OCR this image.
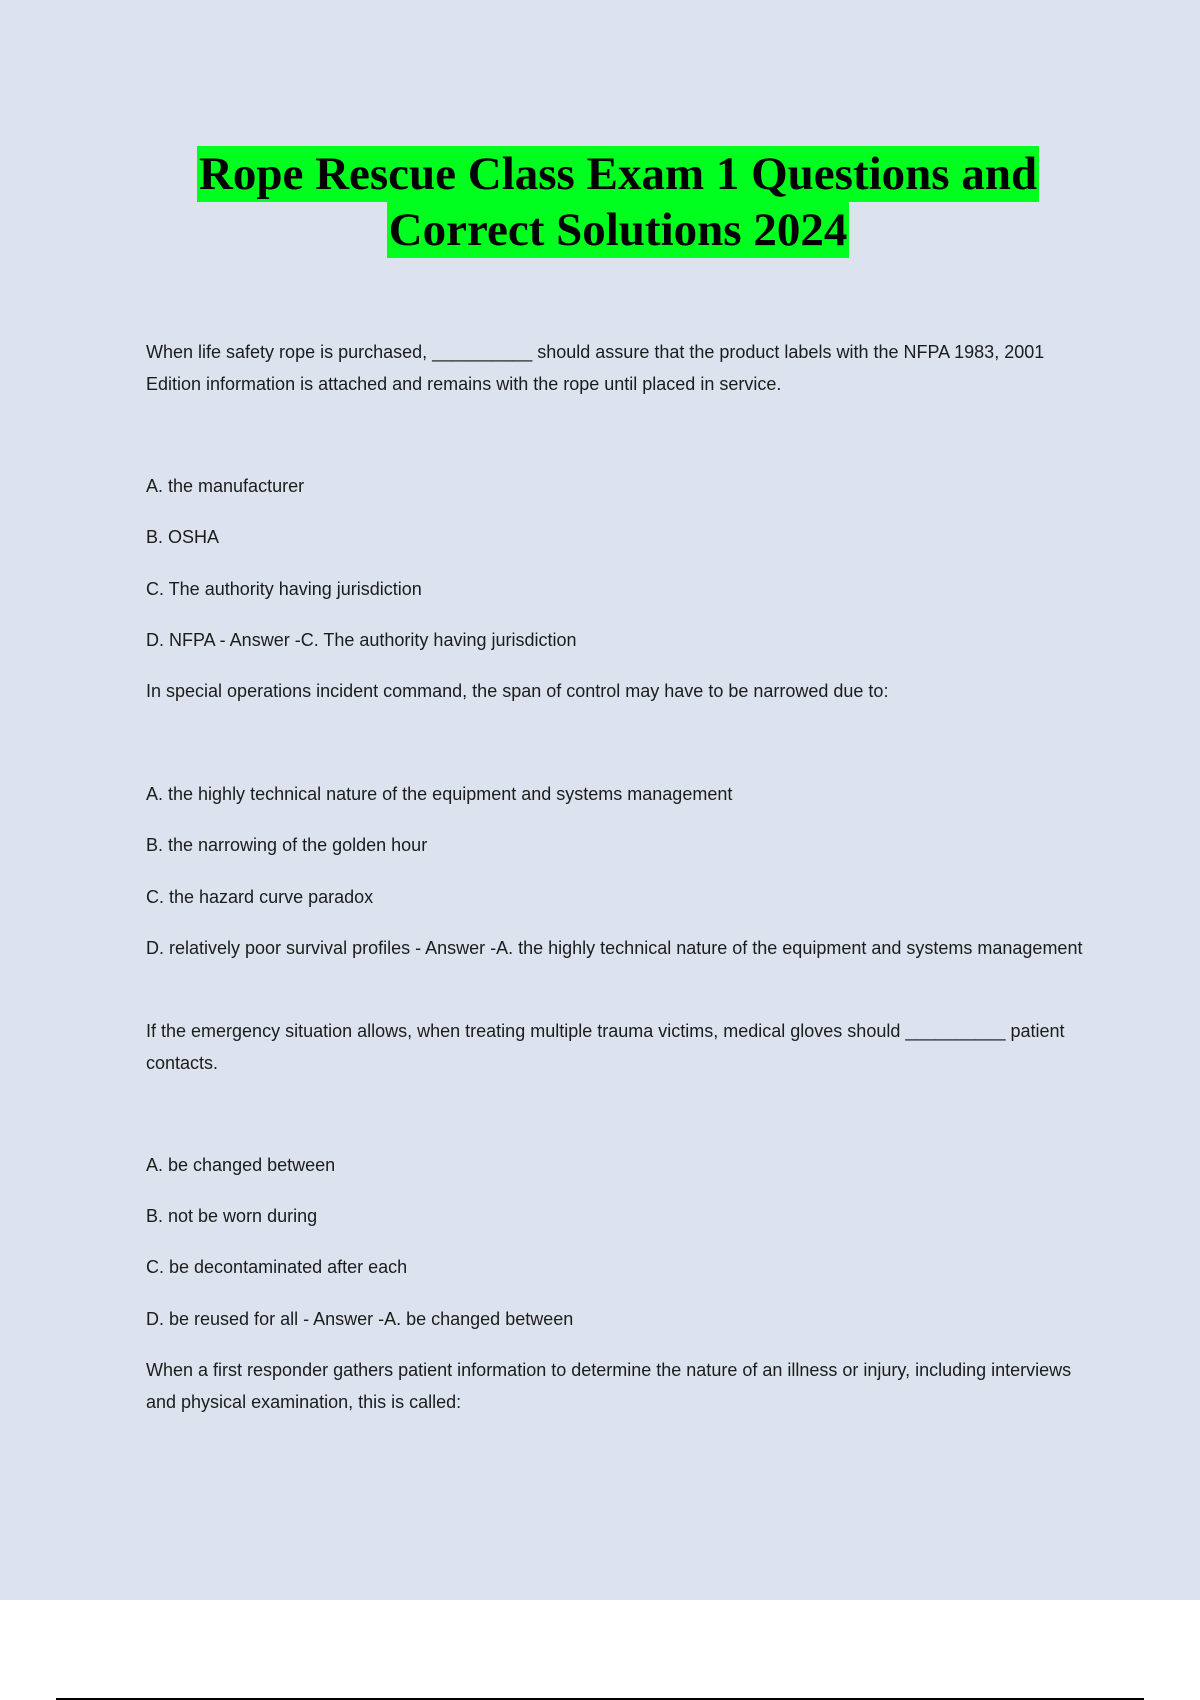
Rope Rescue Class Exam 1 Questions and
Correct Solutions 2024

When life safety rope is purchased, __________ should assure that the product labels with the NFPA 1983, 2001 Edition information is attached and remains with the rope until placed in service.

A. the manufacturer

B. OSHA

C. The authority having jurisdiction

D. NFPA - Answer -C. The authority having jurisdiction

In special operations incident command, the span of control may have to be narrowed due to:

A. the highly technical nature of the equipment and systems management

B. the narrowing of the golden hour

C. the hazard curve paradox

D. relatively poor survival profiles - Answer -A. the highly technical nature of the equipment and systems management

If the emergency situation allows, when treating multiple trauma victims, medical gloves should __________ patient contacts.

A. be changed between

B. not be worn during

C. be decontaminated after each

D. be reused for all - Answer -A. be changed between

When a first responder gathers patient information to determine the nature of an illness or injury, including interviews and physical examination, this is called:
